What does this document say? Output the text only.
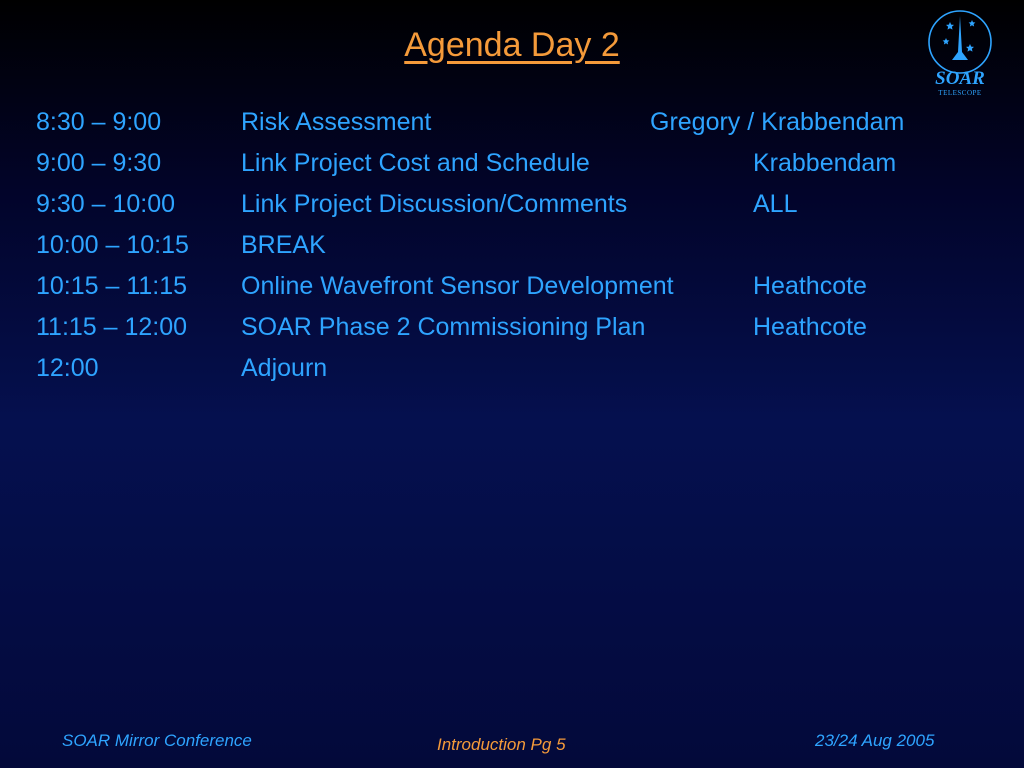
Agenda Day 2
SOAR
TELESCOPE
8:30 – 9:00	Risk Assessment	Gregory / Krabbendam
9:00 – 9:30	Link Project Cost and Schedule	Krabbendam
9:30 – 10:00	Link Project Discussion/Comments	ALL
10:00 – 10:15 BREAK
10:15 – 11:15 Online Wavefront Sensor Development	Heathcote
11:15 – 12:00 SOAR Phase 2 Commissioning Plan	Heathcote
12:00	Adjourn
SOAR Mirror Conference	Introduction Pg 5	23/24 Aug 2005
